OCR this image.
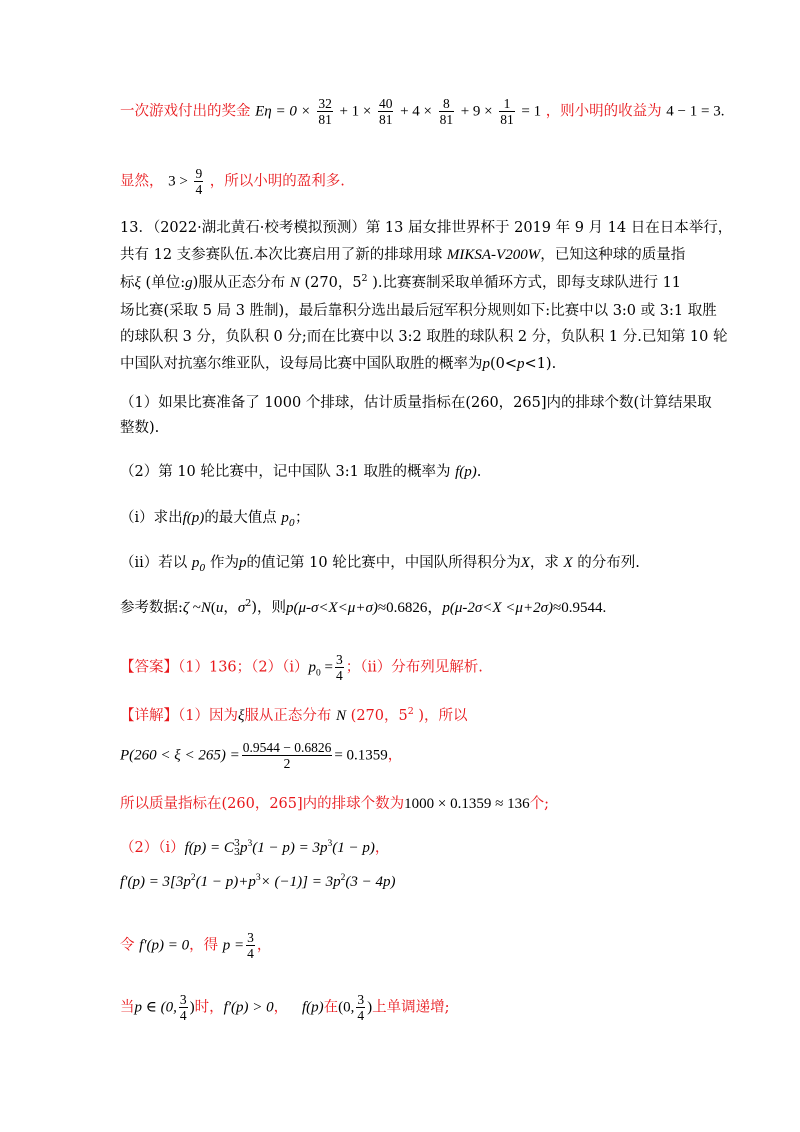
一次游戏付出的奖金 $E\eta = 0 \times \frac{32}{81} + 1 \times \frac{40}{81} + 4 \times \frac{8}{81} + 9 \times \frac{1}{81} = 1$ ，则小明的收益为 4 − 1 = 3.
显然， $3 > \frac{9}{4}$ ，所以小明的盈利多.
13．（2022·湖北黄石·校考模拟预测）第 13 届女排世界杯于 2019 年 9 月 14 日在日本举行，
共有 12 支参赛队伍.本次比赛启用了新的排球用球 MIKSA-V200W，已知这种球的质量指
标ξ (单位:g)服从正态分布 N (270，$5^2$ ).比赛赛制采取单循环方式，即每支球队进行 11
场比赛(采取 5 局 3 胜制)，最后靠积分选出最后冠军积分规则如下:比赛中以 3:0 或 3:1 取胜
的球队积 3 分，负队积 0 分;而在比赛中以 3:2 取胜的球队积 2 分，负队积 1 分.已知第 10 轮
中国队对抗塞尔维亚队，设每局比赛中国队取胜的概率为p(0<p<1).
（1）如果比赛准备了 1000 个排球，估计质量指标在(260，265]内的排球个数(计算结果取
整数).
（2）第 10 轮比赛中，记中国队 3:1 取胜的概率为 f(p).
（i）求出f(p)的最大值点 $p_0$；
（ii）若以 $p_0$ 作为p的值记第 10 轮比赛中，中国队所得积分为X，求 X 的分布列.
参考数据:ζ ~N(u，$\sigma^2$)，则p(μ-σ<X<μ+σ)≈0.6826，p(μ-2σ<X <μ+2σ)≈0.9544.
【答案】（1）136；$(2)(i)p_0 = \frac{3}{4}$ ；（ii）分布列见解析.
【详解】（1）因为ξ服从正态分布 N (270，$5^2$ )，所以
$P(260 < \xi < 265) = \frac{0.9544 - 0.6826}{2} = 0.1359$，
所以质量指标在(260，265]内的排球个数为1000 × 0.1359 ≈ 136个;
（2）（i）f(p) = C 3
3 $p^3(1 - p) = 3p^3(1 - p)$，
$f'(p) = 3[3p^2(1 - p)+p^3\times (-1)] = 3p^2(3 - 4p)$
令 f′(p) = 0，得 $p = \frac{3}{4}$ ，
当p ∈ (0, $\frac{3}{4}$ )时，f′(p) > 0， f(p)在(0, $\frac{3}{4}$ )上单调递增;
